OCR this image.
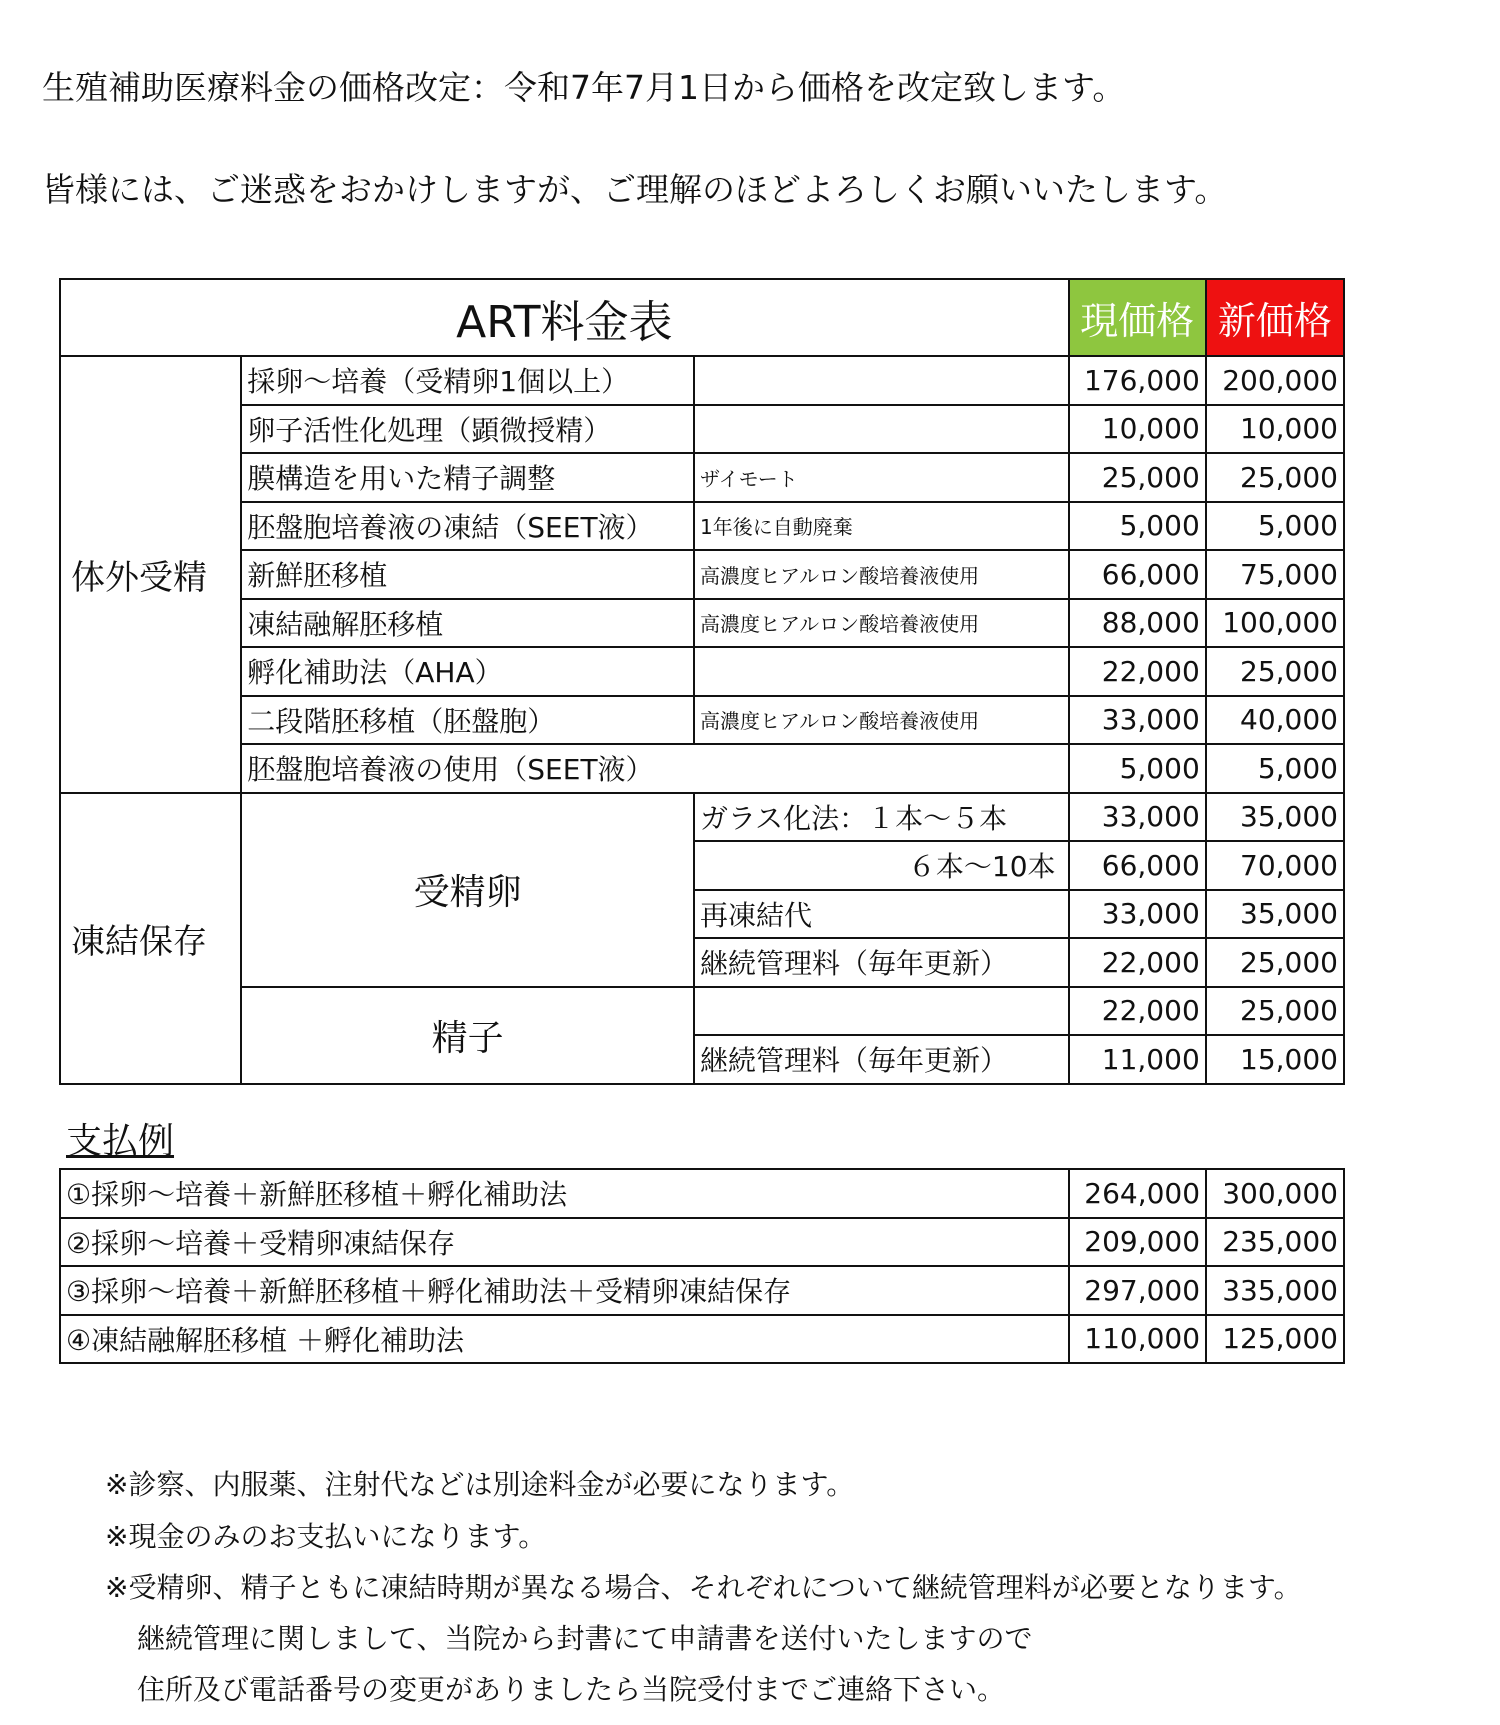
生殖補助医療料金の価格改定：令和7年7月1日から価格を改定致します。
皆様には、ご迷惑をおかけしますが、ご理解のほどよろしくお願いいたします。
ART料金表			現価格	新価格
体外受精	採卵～培養（受精卵1個以上）		176,000	200,000
	卵子活性化処理（顕微授精）		10,000	10,000
	膜構造を用いた精子調整	ザイモート	25,000	25,000
	胚盤胞培養液の凍結（SEET液）	1年後に自動廃棄	5,000	5,000
	新鮮胚移植	高濃度ヒアルロン酸培養液使用	66,000	75,000
	凍結融解胚移植	高濃度ヒアルロン酸培養液使用	88,000	100,000
	孵化補助法（AHA）		22,000	25,000
	二段階胚移植（胚盤胞）	高濃度ヒアルロン酸培養液使用	33,000	40,000
	胚盤胞培養液の使用（SEET液）		5,000	5,000
凍結保存	受精卵	ガラス化法：１本～５本	33,000	35,000
		６本～10本	66,000	70,000
		再凍結代	33,000	35,000
		継続管理料（毎年更新）	22,000	25,000
	精子		22,000	25,000
		継続管理料（毎年更新）	11,000	15,000
支払例
①採卵～培養＋新鮮胚移植＋孵化補助法	264,000	300,000
②採卵～培養＋受精卵凍結保存	209,000	235,000
③採卵～培養＋新鮮胚移植＋孵化補助法＋受精卵凍結保存	297,000	335,000
④凍結融解胚移植 ＋孵化補助法	110,000	125,000
※診察、内服薬、注射代などは別途料金が必要になります。
※現金のみのお支払いになります。
※受精卵、精子ともに凍結時期が異なる場合、それぞれについて継続管理料が必要となります。
継続管理に関しまして、当院から封書にて申請書を送付いたしますので
住所及び電話番号の変更がありましたら当院受付までご連絡下さい。
